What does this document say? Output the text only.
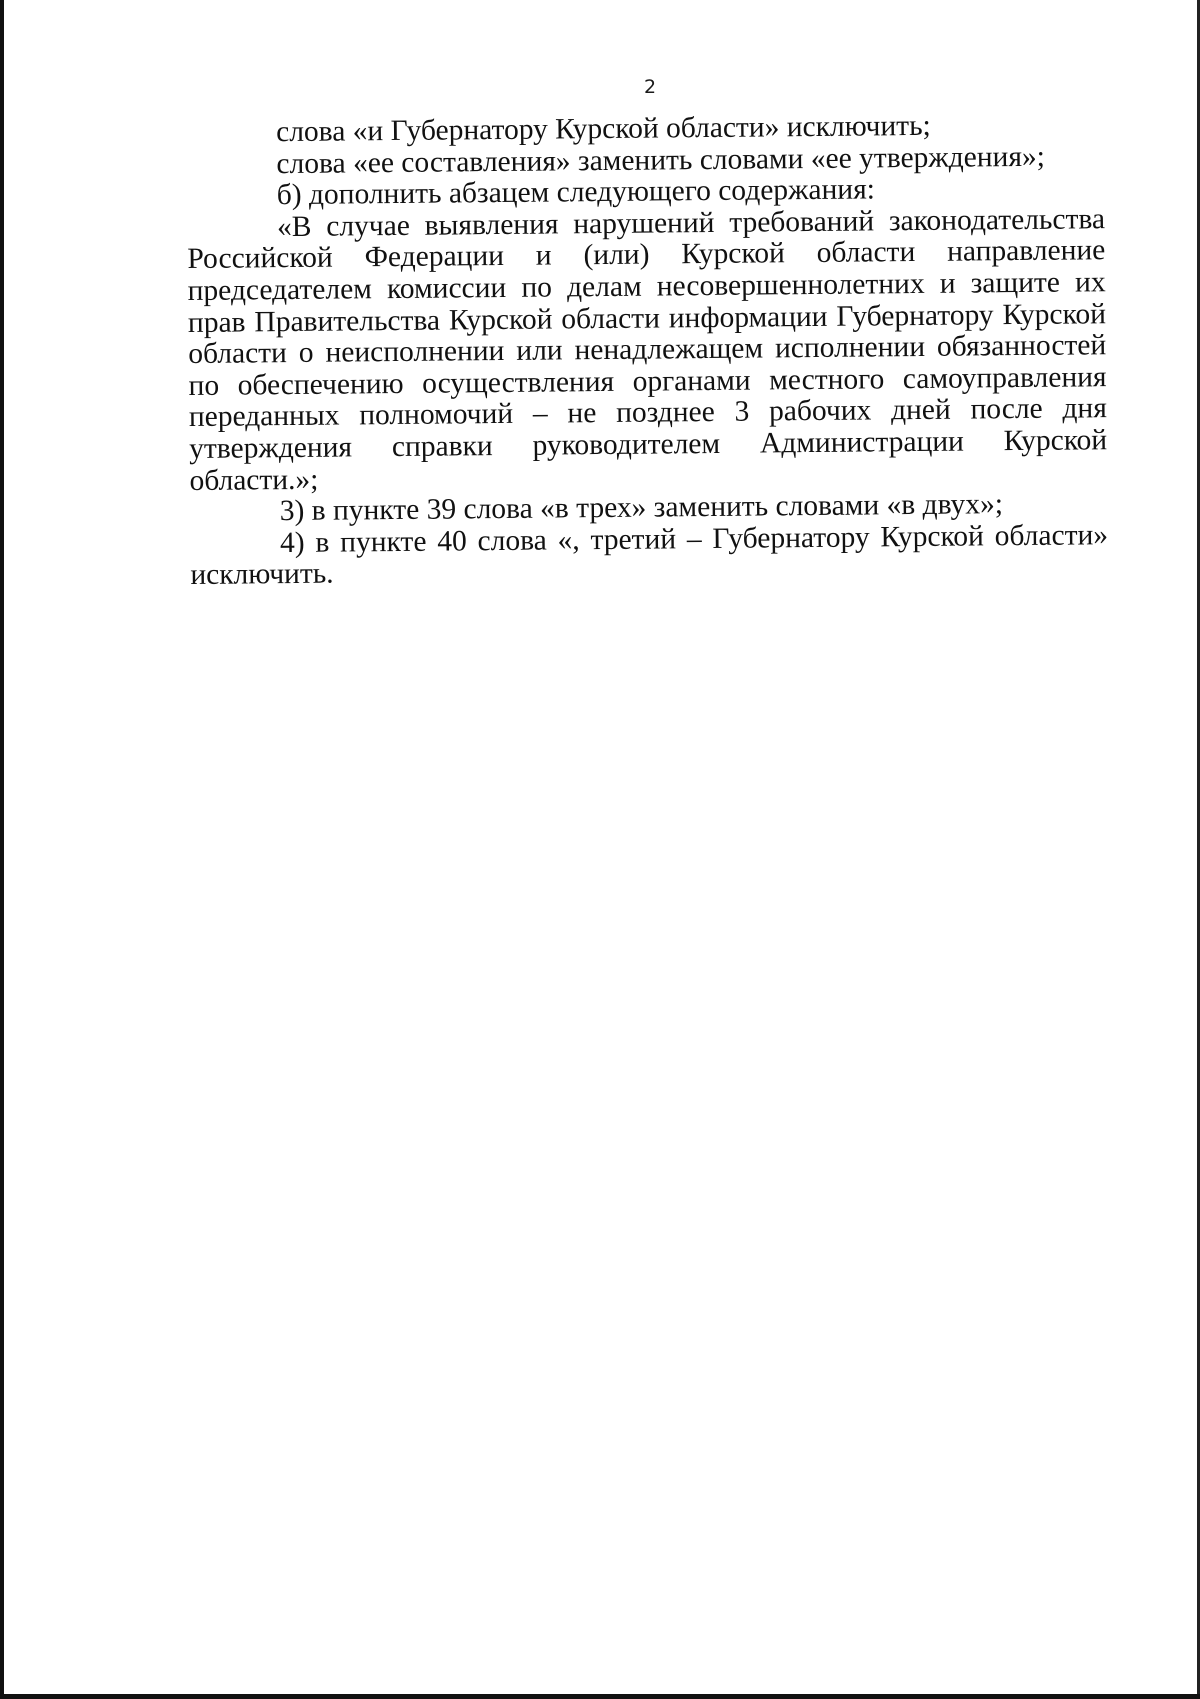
2

слова «и Губернатору Курской области» исключить;

слова «ее составления» заменить словами «ее утверждения»;

б) дополнить абзацем следующего содержания:

«В случае выявления нарушений требований законодательства Российской Федерации и (или) Курской области направление председателем комиссии по делам несовершеннолетних и защите их прав Правительства Курской области информации Губернатору Курской области о неисполнении или ненадлежащем исполнении обязанностей по обеспечению осуществления органами местного самоуправления переданных полномочий – не позднее 3 рабочих дней после дня утверждения справки руководителем Администрации Курской области.»;

3) в пункте 39 слова «в трех» заменить словами «в двух»;

4) в пункте 40 слова «, третий – Губернатору Курской области» исключить.
